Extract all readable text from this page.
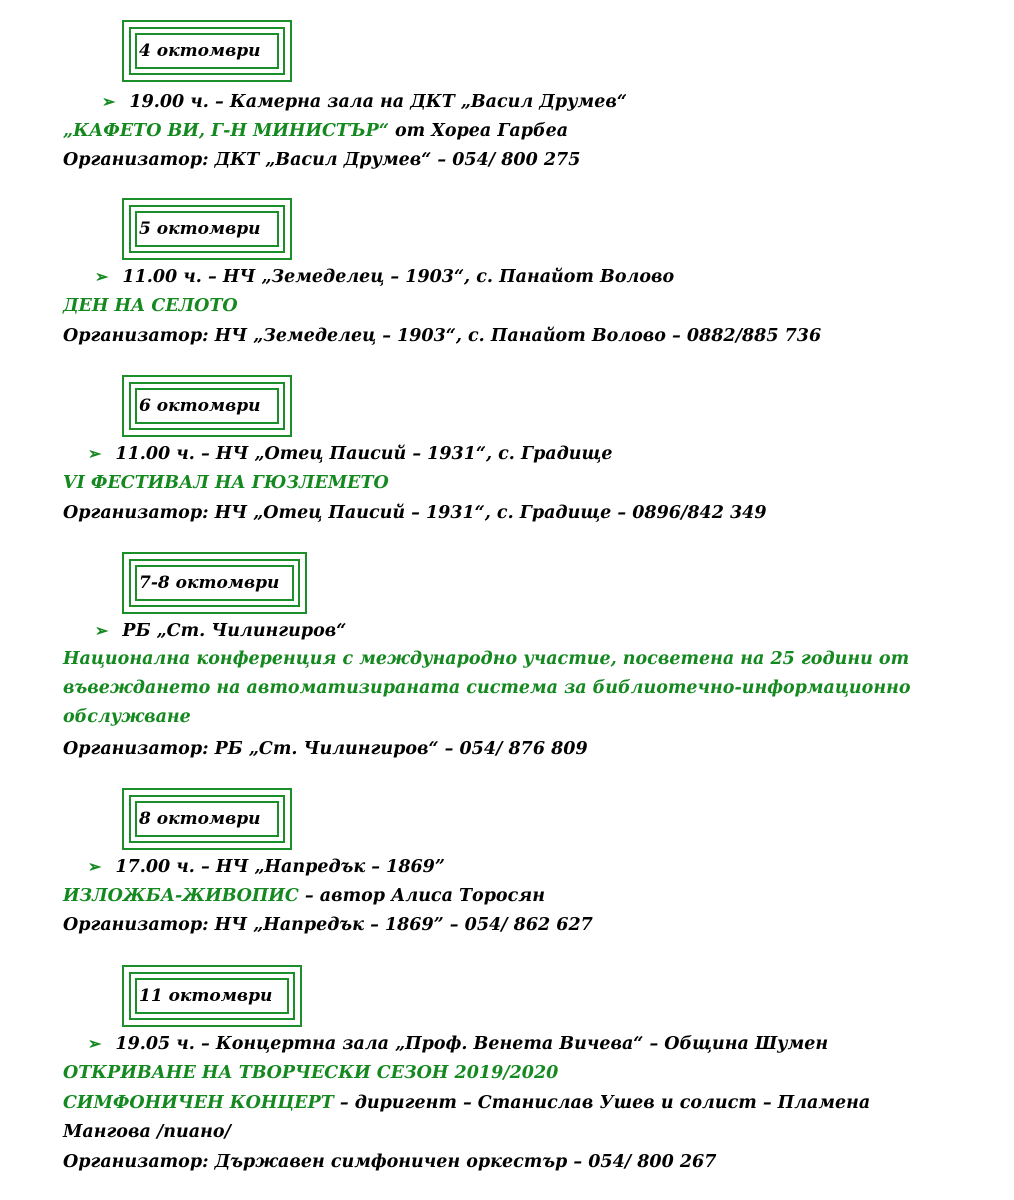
4 октомври
➢ 19.00 ч. – Камерна зала на ДКТ „Васил Друмев“
„КАФЕТО ВИ, Г-Н МИНИСТЪР“ от Хореа Гарбеа
Организатор: ДКТ „Васил Друмев“ – 054/ 800 275
5 октомври
➢ 11.00 ч. – НЧ „Земеделец – 1903“, с. Панайот Волово
ДЕН НА СЕЛОТО
Организатор: НЧ „Земеделец – 1903“, с. Панайот Волово – 0882/885 736
6 октомври
➢ 11.00 ч. – НЧ „Отец Паисий – 1931“, с. Градище
VI ФЕСТИВАЛ НА ГЮЗЛЕМЕТО
Организатор: НЧ „Отец Паисий – 1931“, с. Градище – 0896/842 349
7-8 октомври
➢ РБ „Ст. Чилингиров“
Национална конференция с международно участие, посветена на 25 години от въвеждането на автоматизираната система за библиотечно-информационно обслужване
Организатор: РБ „Ст. Чилингиров“ – 054/ 876 809
8 октомври
➢ 17.00 ч. – НЧ „Напредък – 1869”
ИЗЛОЖБА-ЖИВОПИС – автор Алиса Торосян
Организатор: НЧ „Напредък – 1869” – 054/ 862 627
11 октомври
➢ 19.05 ч. – Концертна зала „Проф. Венета Вичева“ – Община Шумен
ОТКРИВАНЕ НА ТВОРЧЕСКИ СЕЗОН 2019/2020
СИМФОНИЧЕН КОНЦЕРТ – диригент – Станислав Ушев и солист – Пламена Мангова /пиано/
Организатор: Държавен симфоничен оркестър – 054/ 800 267
